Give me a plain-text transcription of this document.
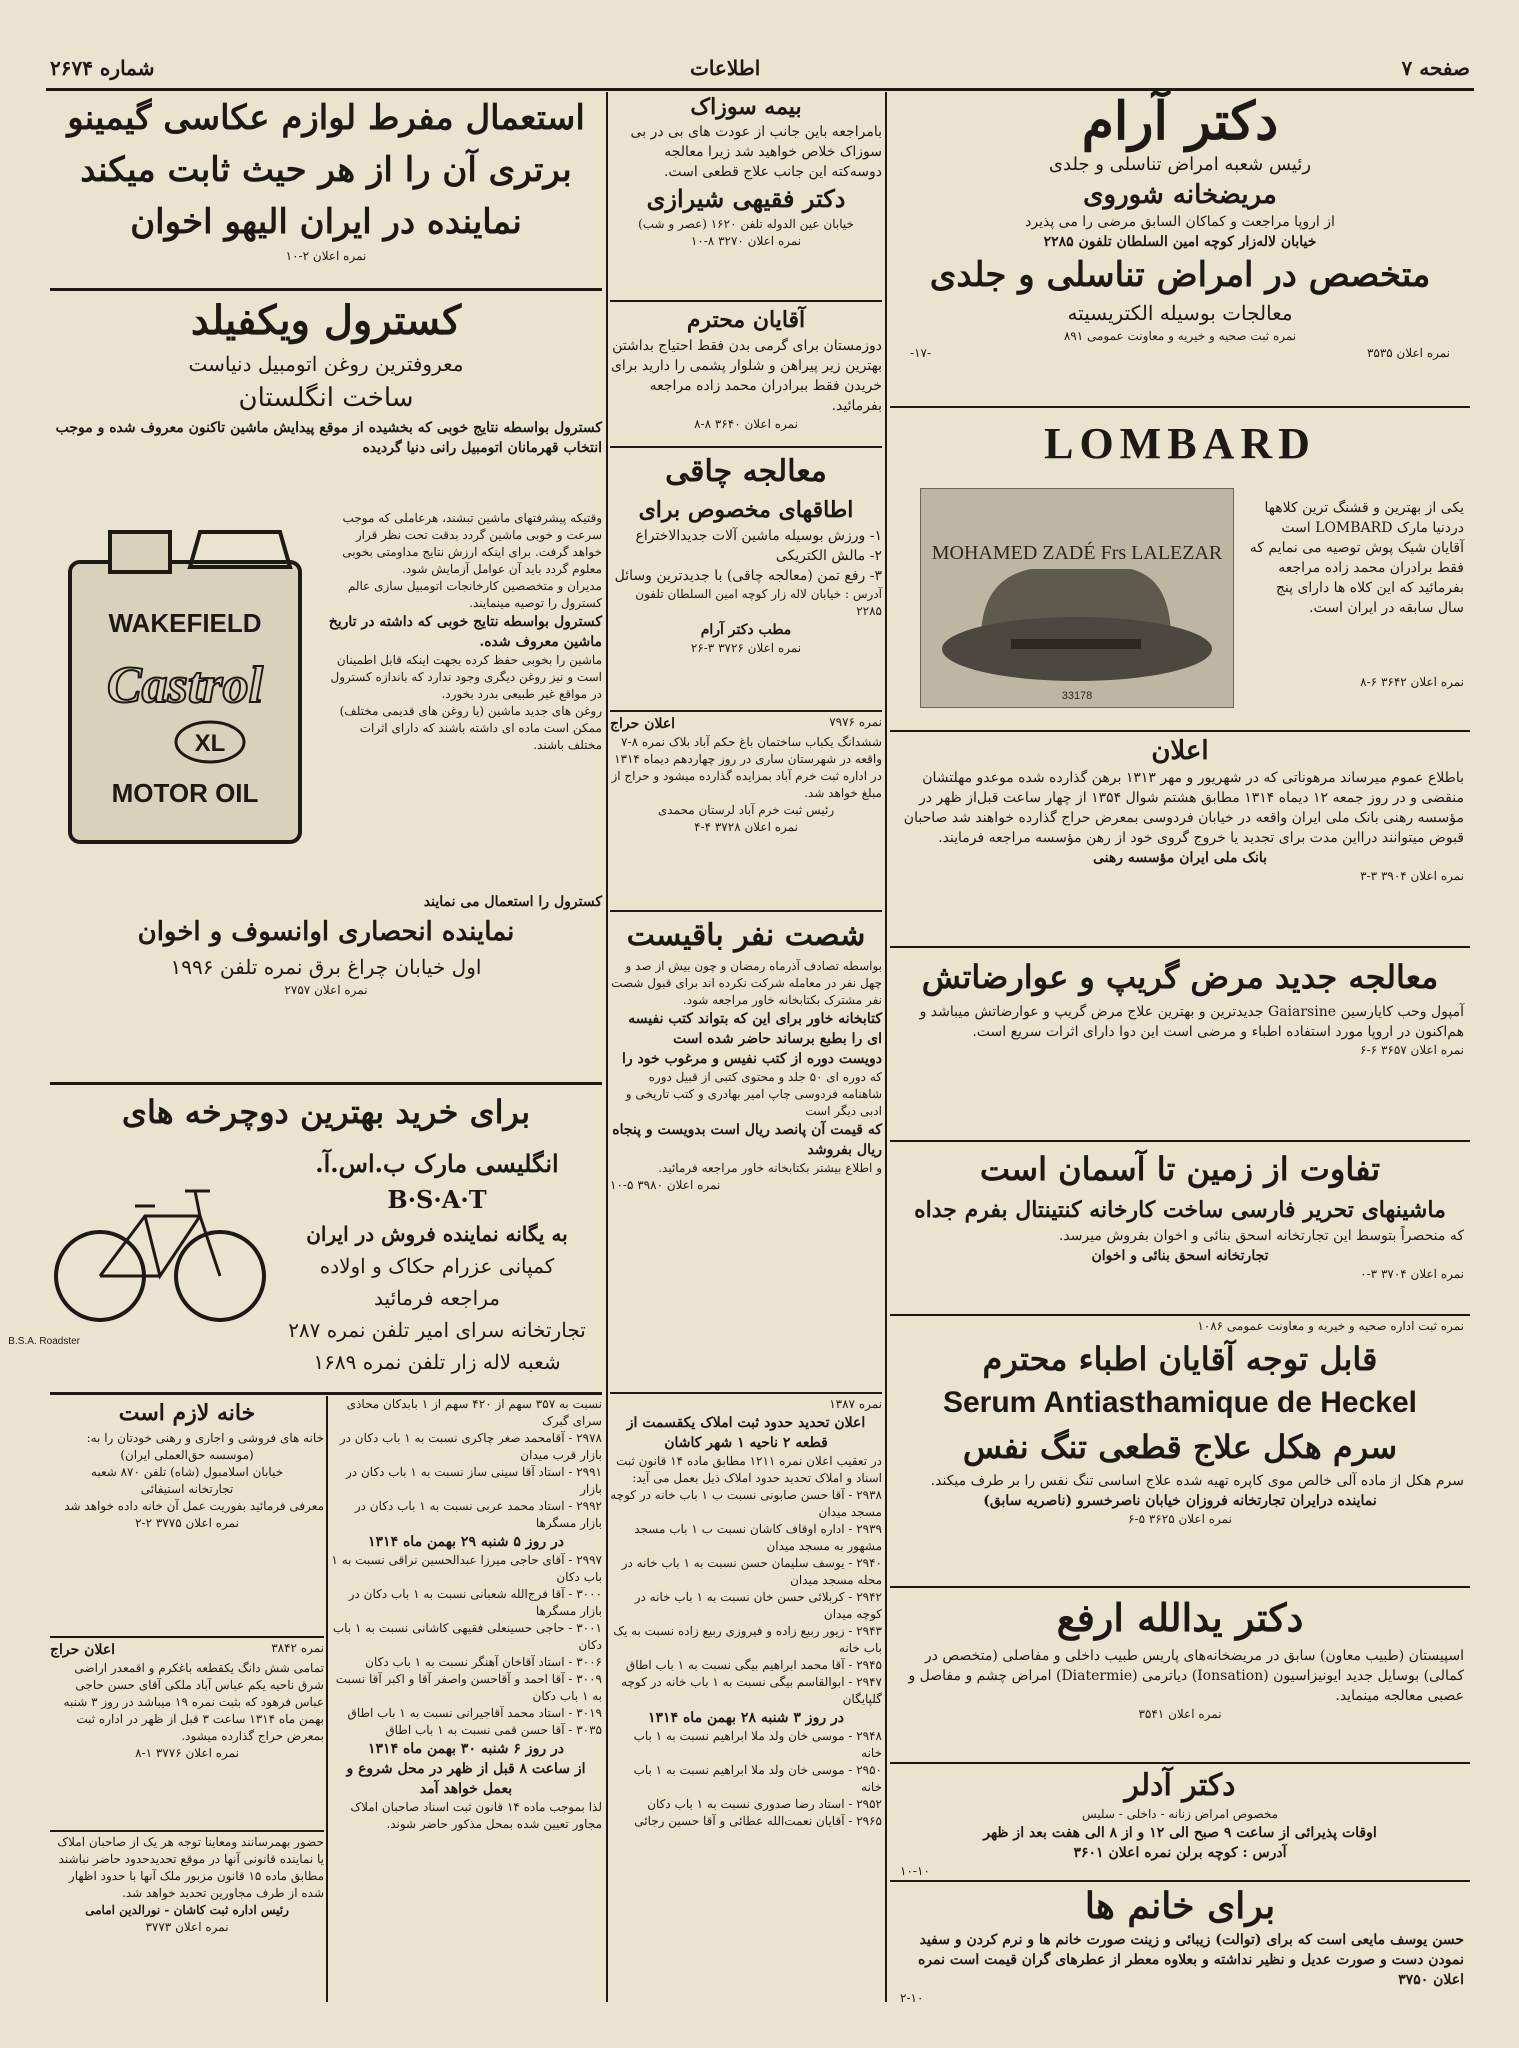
صفحه ۷
اطلاعات
شماره ۲۶۷۴
دکتر آرام
رئیس شعبه امراض تناسلی و جلدی
مریضخانه شوروی
از اروپا مراجعت و کماکان السابق مرضی را می پذیرد
خیابان لاله‌زار کوچه امین السلطان تلفون ۲۲۸۵
متخصص در امراض تناسلی و جلدی
معالجات بوسیله الکتریسیته
نمره ثبت صحیه و خیریه و معاونت عمومی ۸۹۱
نمره اعلان ۳۵۳۵
-۱۷-
LOMBARD
MOHAMED ZADÉ Frs LALEZAR
33178
یکی از بهترین و قشنگ ترین کلاهها دردنیا مارک LOMBARD است آقایان شیک پوش توصیه می نمایم که فقط برادران محمد زاده مراجعه بفرمائید که این کلاه ها دارای پنج سال سابقه در ایران است.
نمره اعلان ۳۶۴۲ ۶-۸
اعلان
باطلاع عموم میرساند مرهوناتی که در شهریور و مهر ۱۳۱۳ برهن گذارده شده موعدو مهلتشان منقضی و در روز جمعه ۱۲ دیماه ۱۳۱۴ مطابق هشتم شوال ۱۳۵۴ از چهار ساعت قبل‌از ظهر در مؤسسه رهنی بانک ملی ایران واقعه در خیابان فردوسی بمعرض حراج گذارده خواهند شد صاحبان قبوض میتوانند درا‌این مدت برای تجدید یا خروج گروی خود از رهن مؤسسه مراجعه فرمایند.
بانک ملی ایران مؤسسه رهنی
نمره اعلان ۳۹۰۴ ۳-۳
معالجه جدید مرض گریپ و عوارضاتش
آمپول وحب کایارسین Gaiarsine جدیدترین و بهترین علاج مرض گریپ و عوارضاتش میباشد و هم‌اکنون در اروپا مورد استفاده اطباء و مرضی است این دوا دارای اثرات سریع است.
نمره اعلان ۳۶۵۷ ۶-۶
تفاوت از زمین تا آسمان است
ماشینهای تحریر فارسی ساخت کارخانه کنتینتال بفرم جداه
که منحصراً بتوسط این تجارتخانه اسحق بنائی و اخوان بفروش میرسد.
تجارتخانه اسحق بنائی و اخوان
نمره اعلان ۳۷۰۴ ۳-۰
نمره ثبت اداره صحیه و خیریه و معاونت عمومی ۱۰۸۶
قابل توجه آقایان اطباء محترم
Serum Antiasthamique de Heckel
سرم هکل علاج قطعی تنگ نفس
سرم هکل از ماده آلی خالص موی کاپره تهیه شده علاج اساسی تنگ نفس را بر طرف میکند.
نماینده درایران تجارتخانه فروزان خیابان ناصرخسرو (ناصریه سابق)
نمره اعلان ۳۶۲۵ ۵-۶
دکتر یدالله ارفع
اسپیستان (طبیب معاون) سابق در مریضخانه‌های پاریس طبیب داخلی و مفاصلی (متخصص در کمالی) بوسایل جدید ایونیزاسیون (Ionsation) دیاترمی (Diatermie) امراض چشم و مفاصل و عصبی معالجه مینماید.
نمره اعلان ۳۵۴۱
دکتر آدلر
مخصوص امراض زنانه - داخلی - سلیس
اوقات پذیرائی از ساعت ۹ صبح الی ۱۲ و از ۸ الی هفت بعد از ظهر
آدرس : کوچه برلن نمره اعلان ۳۶۰۱
۱۰-۱۰
برای خانم ها
حسن یوسف مایعی است که برای (توالت) زیبائی و زینت صورت خانم ها و نرم کردن و سفید نمودن دست و صورت عدیل و نظیر نداشته و بعلاوه معطر از عطرهای گران قیمت است نمره اعلان ۳۷۵۰
۲-۱۰
بیمه سوزاک
بامراجعه باین جانب از عودت های بی در بی سوزاک خلاص خواهید شد زیرا معالجه دوسه‌کته این جانب علاج قطعی است.
دکتر فقیهی شیرازی
خیابان عین الدوله تلفن ۱۶۲۰ (عصر و شب)
نمره اعلان ۳۲۷۰ ۸-۱۰
آقایان محترم
دوزمستان برای گرمی بدن فقط احتیاج بداشتن بهترین زیر پیراهن و شلوار پشمی را دارید برای خریدن فقط ببرادران محمد زاده مراجعه بفرمائید.
نمره اعلان ۳۶۴۰ ۸-۸
معالجه چاقی
اطاقهای مخصوص برای
۱- ورزش بوسیله ماشین آلات جدیدالاختراع
۲- مالش الکتریکی
۳- رفع تمن (معالجه چاقی) با جدیدترین وسائل
آدرس : خیابان لاله زار کوچه امین السلطان تلفون ۲۲۸۵
مطب دکتر آرام
نمره اعلان ۳۷۲۶ ۳-۲۶
نمره ۷۹۷۶
اعلان حراج
ششدانگ یکباب ساختمان باغ حکم آباد بلاک نمره ۸-۷ واقعه در شهرستان ساری در روز چهاردهم دیماه ۱۳۱۴ در اداره ثبت خرم آباد بمزایده گذارده میشود و حراج از مبلغ خواهد شد.
رئیس ثبت خرم آباد لرستان محمدی
نمره اعلان ۳۷۲۸ ۴-۴
شصت نفر باقیست
بواسطه تصادف آذرماه رمضان و چون بیش از صد و چهل نفر در معامله شرکت نکرده اند برای قبول شصت نفر مشترک بکتابخانه خاور مراجعه شود.
کتابخانه خاور برای این که بتواند کتب نفیسه ای را بطبع برساند حاضر شده است
دویست دوره از کتب نفیس و مرغوب خود را
که دوره ای ۵۰ جلد و محتوی کتبی از قبیل دوره شاهنامه فردوسی چاپ امیر بهادری و کتب تاریخی و ادبی دیگر است
که قیمت آن پانصد ریال است بدویست و پنجاه ریال بفروشد
و اطلاع بیشتر بکتابخانه خاور مراجعه فرمائید.
نمره اعلان ۳۹۸۰ ۵-۱۰
نمره ۱۳۸۷
اعلان تحدید حدود ثبت املاک یکقسمت از قطعه ۲ ناحیه ۱ شهر کاشان
در تعقیب اعلان نمره ۱۲۱۱ مطابق ماده ۱۴ قانون ثبت اسناد و املاک تحدید حدود املاک ذیل بعمل می آید:
۲۹۳۸ - آقا حسن صابونی نسبت ب ۱ باب خانه در کوچه مسجد میدان
۲۹۳۹ - اداره اوقاف کاشان نسبت ب ۱ باب مسجد مشهور به مسجد میدان
۲۹۴۰ - یوسف سلیمان حسن نسبت به ۱ باب خانه در محله مسجد میدان
۲۹۴۲ - کربلائی حسن خان نسبت به ۱ باب خانه در کوچه میدان
۲۹۴۳ - زیور ربیع زاده و فیروزی ربیع زاده نسبت به یک باب خانه
۲۹۴۵ - آقا محمد ابراهیم بیگی نسبت به ۱ باب اطاق
۲۹۴۷ - ابوالقاسم بیگی نسبت به ۱ باب خانه در کوچه گلپایگان
در روز ۳ شنبه ۲۸ بهمن ماه ۱۳۱۴
۲۹۴۸ - موسی خان ولد ملا ابراهیم نسبت به ۱ باب خانه
۲۹۵۰ - موسی خان ولد ملا ابراهیم نسبت به ۱ باب خانه
۲۹۵۲ - استاد رضا صدوری نسبت به ۱ باب دکان
۲۹۶۵ - آقایان نعمت‌الله عطائی و آقا حسین رجائی
استعمال مفرط لوازم عکاسی گیمینو
برتری آن را از هر حیث ثابت میکند
نماینده در ایران الیهو اخوان
نمره اعلان ۲-۱۰
کسترول ویکفیلد
معروفترین روغن اتومبیل دنیاست
ساخت انگلستان
کسترول بواسطه نتایج خوبی که بخشیده از موقع پیدایش ماشین تاکنون معروف شده و موجب انتخاب قهرمانان اتومبیل رانی دنیا گردیده
WAKEFIELD
Castrol
XL
MOTOR OIL
وقتیکه پیشرفتهای ماشین تبشند، هرعاملی که موجب سرعت و خوبی ماشین گردد بدقت تحت نظر قرار خواهد گرفت. برای اینکه ارزش نتایج مداومتی بخوبی معلوم گردد باید آن عوامل آزمایش شود.
مدیران و متخصصین کارخانجات اتومبیل سازی عالم کسترول را توصیه مینمایند.
کسترول بواسطه نتایج خوبی که داشته در تاریخ ماشین معروف شده.
ماشین را بخوبی حفظ کرده بجهت اینکه قابل اطمینان است و نیز روغن دیگری وجود ندارد که باندازه کسترول در مواقع غیر طبیعی بدرد بخورد.
روغن های جدید ماشین (یا روغن های قدیمی مختلف) ممکن است ماده ای داشته باشند که دارای اثرات مختلف باشند.
کسترول را استعمال می نمایند
نماینده انحصاری اوانسوف و اخوان
اول خیابان چراغ برق نمره تلفن ۱۹۹۶
نمره اعلان ۲۷۵۷
برای خرید بهترین دوچرخه های
B.S.A. Roadster
انگلیسی مارک ب.اس.آ. B·S·A·T
به یگانه نماینده فروش در ایران
کمپانی عزرام حکاک و اولاده
مراجعه فرمائید
تجارتخانه سرای امیر تلفن نمره ۲۸۷
شعبه لاله زار تلفن نمره ۱۶۸۹
نسبت به ۳۵۷ سهم از ۴۲۰ سهم از ۱ بابدکان محاذی سرای گبرک
۲۹۷۸ - آقامحمد صغر چاکری نسبت به ۱ باب دکان در بازار قرب میدان
۲۹۹۱ - استاد آقا سینی ساز نسبت به ۱ باب دکان در بازار
۲۹۹۲ - استاد محمد عربی نسبت به ۱ باب دکان در بازار مسگرها
در روز ۵ شنبه ۲۹ بهمن ماه ۱۳۱۴
۲۹۹۷ - آقای حاجی میرزا عبدالحسین نراقی نسبت به ۱ باب دکان
۳۰۰۰ - آقا فرج‌الله شعبانی نسبت به ۱ باب دکان در بازار مسگرها
۳۰۰۱ - حاجی حسینعلی فقیهی کاشانی نسبت به ۱ باب دکان
۳۰۰۶ - استاد آقاخان آهنگر نسبت به ۱ باب دکان
۳۰۰۹ - آقا احمد و آقاحسن واصفر آقا و اکبر آقا نسبت به ۱ باب دکان
۳۰۱۹ - استاد محمد آقاجیرانی نسبت به ۱ باب اطاق
۳۰۳۵ - آقا حسن قمی نسبت به ۱ باب اطاق
در روز ۶ شنبه ۳۰ بهمن ماه ۱۳۱۴
از ساعت ۸ قبل از ظهر در محل شروع و بعمل خواهد آمد
لذا بموجب ماده ۱۴ قانون ثبت اسناد صاحبان املاک مجاور تعیین شده بمحل مذکور حاضر شوند.
خانه لازم است
خانه های فروشی و اجاری و رهنی خودتان را به:
(موسسه حق‌العملی ایران)
خیابان اسلامبول (شاه) تلفن ۸۷۰ شعبه
تجارتخانه استیفائی
معرفی فرمائید بفوریت عمل آن خانه داده خواهد شد
نمره اعلان ۳۷۷۵ ۲-۲
نمره ۳۸۴۲
اعلان حراج
تمامی شش دانگ یکقطعه باغکرم و اقمعدر اراضی شرق ناحیه یکم عباس آباد ملکی آقای حسن حاجی عباس فرهود که بثبت نمره ۱۹ میباشد در روز ۳ شنبه بهمن ماه ۱۳۱۴ ساعت ۳ قبل از ظهر در اداره ثبت بمعرض حراج گذارده میشود.
نمره اعلان ۳۷۷۶ ۱-۸
حضور بهمرسانند ومعاینا توجه هر یک از صاحبان املاک یا نماینده قانونی آنها در موقع تحدیدحدود حاضر نباشند مطابق ماده ۱۵ قانون مزبور ملک آنها با حدود اظهار شده از طرف مجاورین تحدید خواهد شد.
رئیس اداره ثبت کاشان - نورالدین امامی
نمره اعلان ۳۷۷۳
